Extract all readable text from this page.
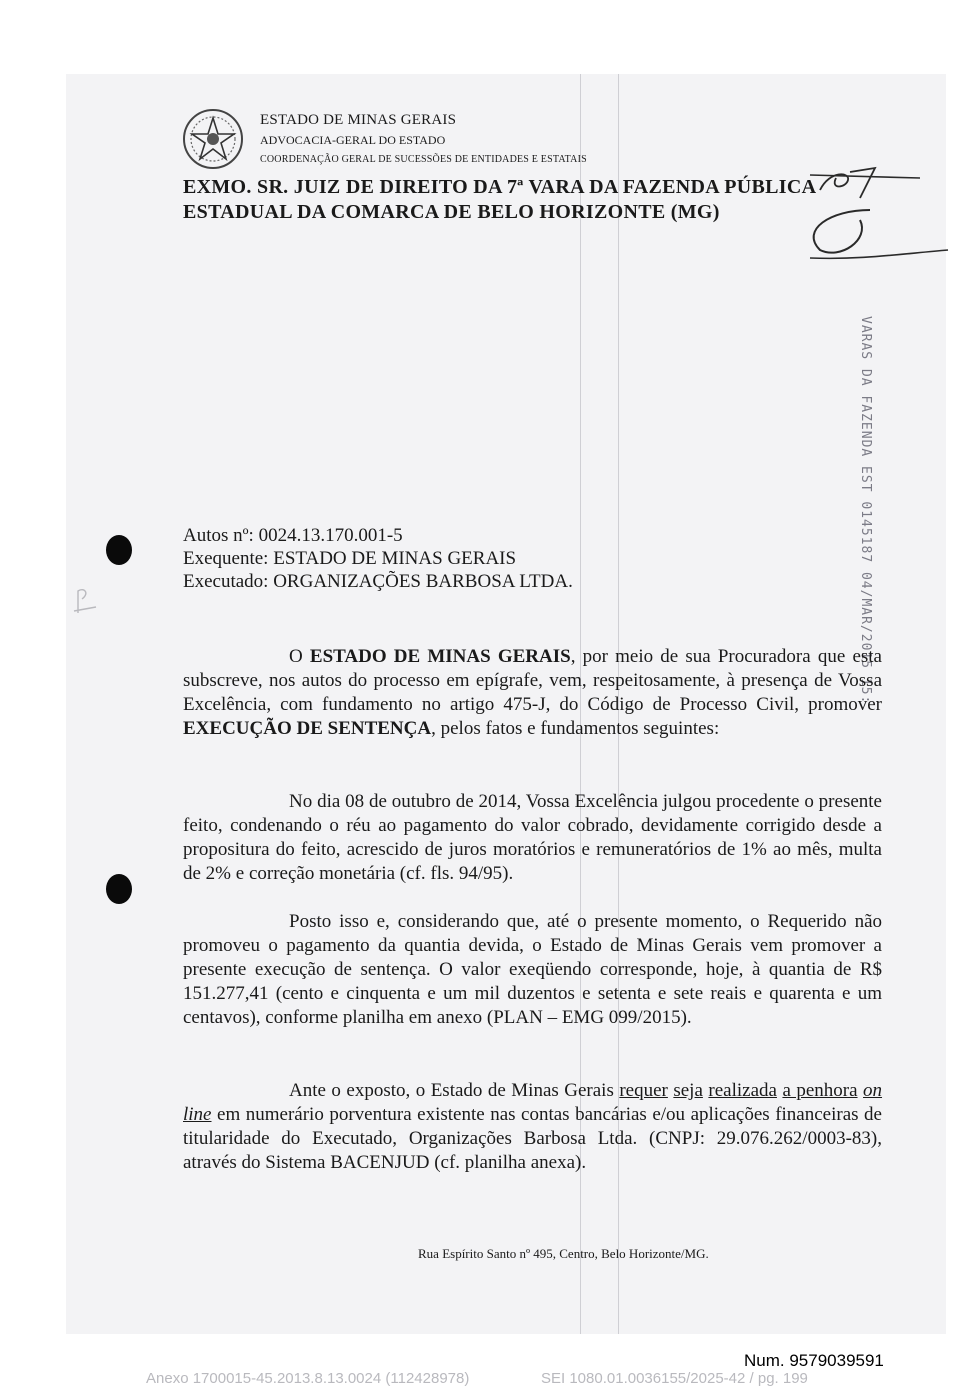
ESTADO DE MINAS GERAIS
ADVOCACIA-GERAL DO ESTADO
COORDENAÇÃO GERAL DE SUCESSÕES DE ENTIDADES E ESTATAIS
EXMO. SR. JUIZ DE DIREITO DA 7ª VARA DA FAZENDA PÚBLICA
ESTADUAL DA COMARCA DE BELO HORIZONTE (MG)
VARAS DA FAZENDA EST 0145187 04/MAR/2015 15:
Autos nº: 0024.13.170.001-5
Exequente: ESTADO DE MINAS GERAIS
Executado: ORGANIZAÇÕES BARBOSA LTDA.

O ESTADO DE MINAS GERAIS, por meio de sua Procuradora que esta subscreve, nos autos do processo em epígrafe, vem, respeitosamente, à presença de Vossa Excelência, com fundamento no artigo 475-J, do Código de Processo Civil, promover EXECUÇÃO DE SENTENÇA, pelos fatos e fundamentos seguintes:

No dia 08 de outubro de 2014, Vossa Excelência julgou procedente o presente feito, condenando o réu ao pagamento do valor cobrado, devidamente corrigido desde a propositura do feito, acrescido de juros moratórios e remuneratórios de 1% ao mês, multa de 2% e correção monetária (cf. fls. 94/95).

Posto isso e, considerando que, até o presente momento, o Requerido não promoveu o pagamento da quantia devida, o Estado de Minas Gerais vem promover a presente execução de sentença. O valor exeqüendo corresponde, hoje, à quantia de R$ 151.277,41 (cento e cinquenta e um mil duzentos e setenta e sete reais e quarenta e um centavos), conforme planilha em anexo (PLAN – EMG 099/2015).

Ante o exposto, o Estado de Minas Gerais requer seja realizada a penhora on line em numerário porventura existente nas contas bancárias e/ou aplicações financeiras de titularidade do Executado, Organizações Barbosa Ltda. (CNPJ: 29.076.262/0003-83), através do Sistema BACENJUD (cf. planilha anexa).

Rua Espírito Santo nº 495, Centro, Belo Horizonte/MG.
Num. 9579039591
Anexo 1700015-45.2013.8.13.0024 (112428978)	SEI 1080.01.0036155/2025-42 / pg. 199
